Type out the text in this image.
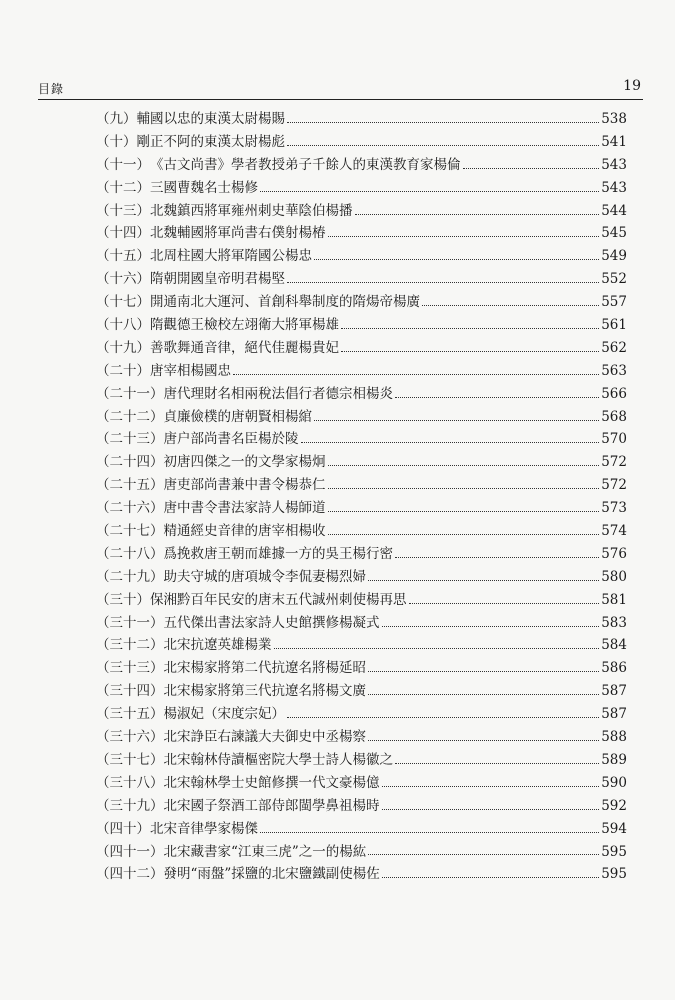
目錄	19
（九） 輔國以忠的東漢太尉楊賜	538
（十） 剛正不阿的東漢太尉楊彪	541
（十一） 《古文尚書》學者教授弟子千餘人的東漢教育家楊倫	543
（十二） 三國曹魏名士楊修	543
（十三） 北魏鎮西將軍雍州刺史華陰伯楊播	544
（十四） 北魏輔國將軍尚書右僕射楊椿	545
（十五） 北周柱國大將軍隋國公楊忠	549
（十六） 隋朝開國皇帝明君楊堅	552
（十七） 開通南北大運河、首創科舉制度的隋煬帝楊廣	557
（十八） 隋觀德王檢校左翊衛大將軍楊雄	561
（十九） 善歌舞通音律，絕代佳麗楊貴妃	562
（二十） 唐宰相楊國忠	563
（二十一） 唐代理財名相兩稅法倡行者德宗相楊炎	566
（二十二） 貞廉儉樸的唐朝賢相楊綰	568
（二十三） 唐户部尚書名臣楊於陵	570
（二十四） 初唐四傑之一的文學家楊炯	572
（二十五） 唐吏部尚書兼中書令楊恭仁	572
（二十六） 唐中書令書法家詩人楊師道	573
（二十七） 精通經史音律的唐宰相楊收	574
（二十八） 爲挽救唐王朝而雄據一方的吳王楊行密	576
（二十九） 助夫守城的唐項城令李侃妻楊烈婦	580
（三十） 保湘黔百年民安的唐末五代誠州刺使楊再思	581
（三十一） 五代傑出書法家詩人史館撰修楊凝式	583
（三十二） 北宋抗遼英雄楊業	584
（三十三） 北宋楊家將第二代抗遼名將楊延昭	586
（三十四） 北宋楊家將第三代抗遼名將楊文廣	587
（三十五） 楊淑妃（宋度宗妃）	587
（三十六） 北宋諍臣右諫議大夫御史中丞楊察	588
（三十七） 北宋翰林侍讀樞密院大學士詩人楊徽之	589
（三十八） 北宋翰林學士史館修撰一代文豪楊億	590
（三十九） 北宋國子祭酒工部侍郎閩學鼻祖楊時	592
（四十） 北宋音律學家楊傑	594
（四十一） 北宋藏書家“江東三虎”之一的楊紘	595
（四十二） 發明“雨盤”採鹽的北宋鹽鐵副使楊佐	595
